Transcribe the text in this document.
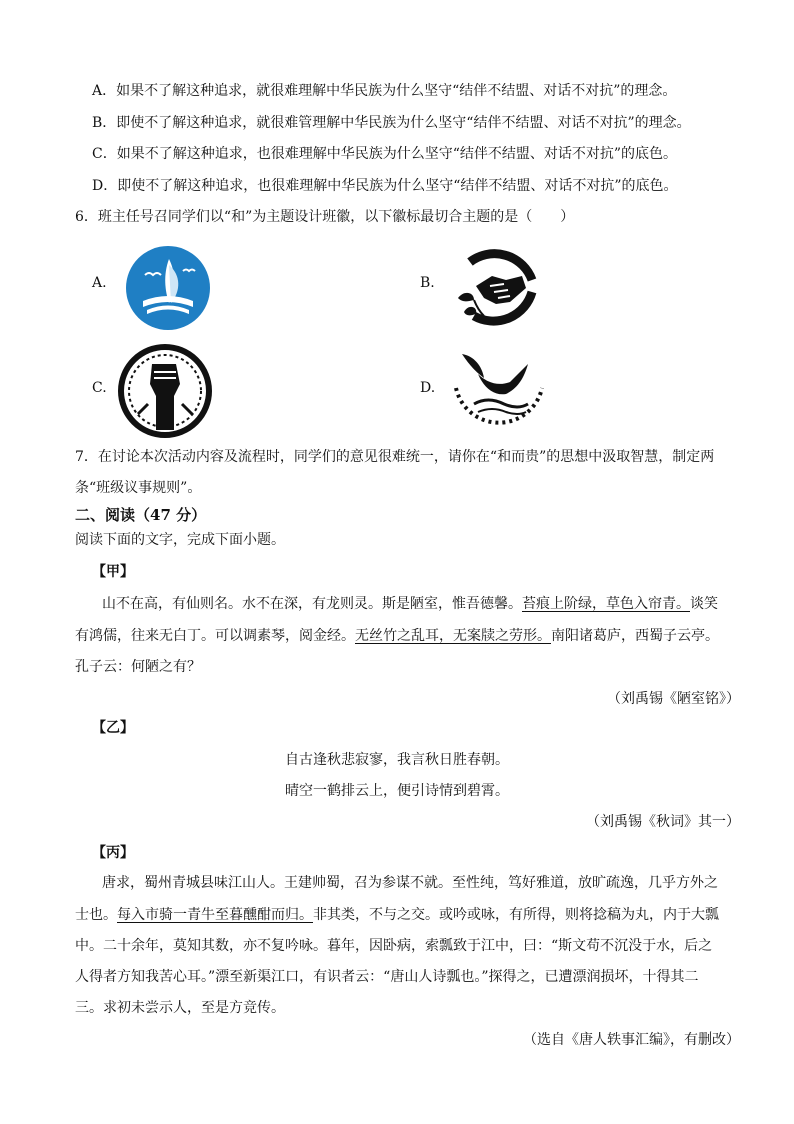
A．如果不了解这种追求，就很难理解中华民族为什么坚守“结伴不结盟、对话不对抗”的理念。
B．即使不了解这种追求，就很难管理解中华民族为什么坚守“结伴不结盟、对话不对抗”的理念。
C．如果不了解这种追求，也很难理解中华民族为什么坚守“结伴不结盟、对话不对抗”的底色。
D．即使不了解这种追求，也很难理解中华民族为什么坚守“结伴不结盟、对话不对抗”的底色。
6．班主任号召同学们以“和”为主题设计班徽，以下徽标最切合主题的是（　　）
A.	B.
C.	D.
7．在讨论本次活动内容及流程时，同学们的意见很难统一，请你在“和而贵”的思想中汲取智慧，制定两
条“班级议事规则”。
二、阅读（47 分）
阅读下面的文字，完成下面小题。
【甲】
山不在高，有仙则名。水不在深，有龙则灵。斯是陋室，惟吾德馨。苔痕上阶绿，草色入帘青。谈笑
有鸿儒，往来无白丁。可以调素琴，阅金经。无丝竹之乱耳，无案牍之劳形。南阳诸葛庐，西蜀子云亭。
孔子云：何陋之有？
（刘禹锡《陋室铭》）
【乙】
自古逢秋悲寂寥，我言秋日胜春朝。
晴空一鹤排云上，便引诗情到碧霄。
（刘禹锡《秋词》其一）
【丙】
唐求，蜀州青城县味江山人。王建帅蜀，召为参谋不就。至性纯，笃好雅道，放旷疏逸，几乎方外之
士也。每入市骑一青牛至暮醺酣而归。非其类，不与之交。或吟或咏，有所得，则将捻稿为丸，内于大瓢
中。二十余年，莫知其数，亦不复吟咏。暮年，因卧病，索瓢致于江中，曰：“斯文苟不沉没于水，后之
人得者方知我苦心耳。”漂至新渠江口，有识者云：“唐山人诗瓢也。”探得之，已遭漂润损坏，十得其二
三。求初未尝示人，至是方竞传。
（选自《唐人轶事汇编》，有删改）
